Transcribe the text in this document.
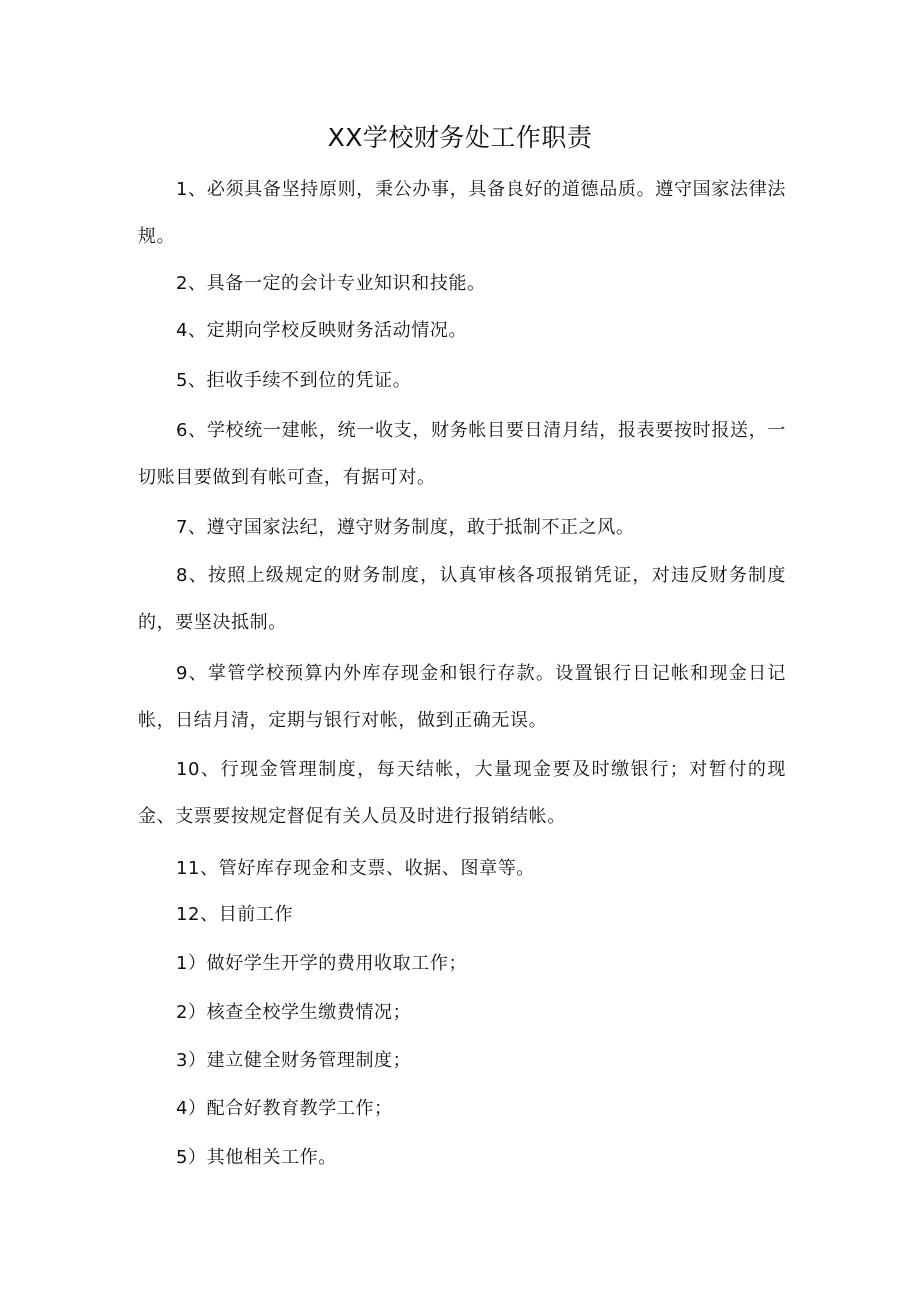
XX学校财务处工作职责

1、必须具备坚持原则，秉公办事，具备良好的道德品质。遵守国家法律法规。

2、具备一定的会计专业知识和技能。

4、定期向学校反映财务活动情况。

5、拒收手续不到位的凭证。

6、学校统一建帐，统一收支，财务帐目要日清月结，报表要按时报送，一切账目要做到有帐可查，有据可对。

7、遵守国家法纪，遵守财务制度，敢于抵制不正之风。

8、按照上级规定的财务制度，认真审核各项报销凭证，对违反财务制度的，要坚决抵制。

9、掌管学校预算内外库存现金和银行存款。设置银行日记帐和现金日记帐，日结月清，定期与银行对帐，做到正确无误。

10、行现金管理制度，每天结帐，大量现金要及时缴银行；对暂付的现金、支票要按规定督促有关人员及时进行报销结帐。

11、管好库存现金和支票、收据、图章等。

12、目前工作

1）做好学生开学的费用收取工作；

2）核查全校学生缴费情况；

3）建立健全财务管理制度；

4）配合好教育教学工作；

5）其他相关工作。
